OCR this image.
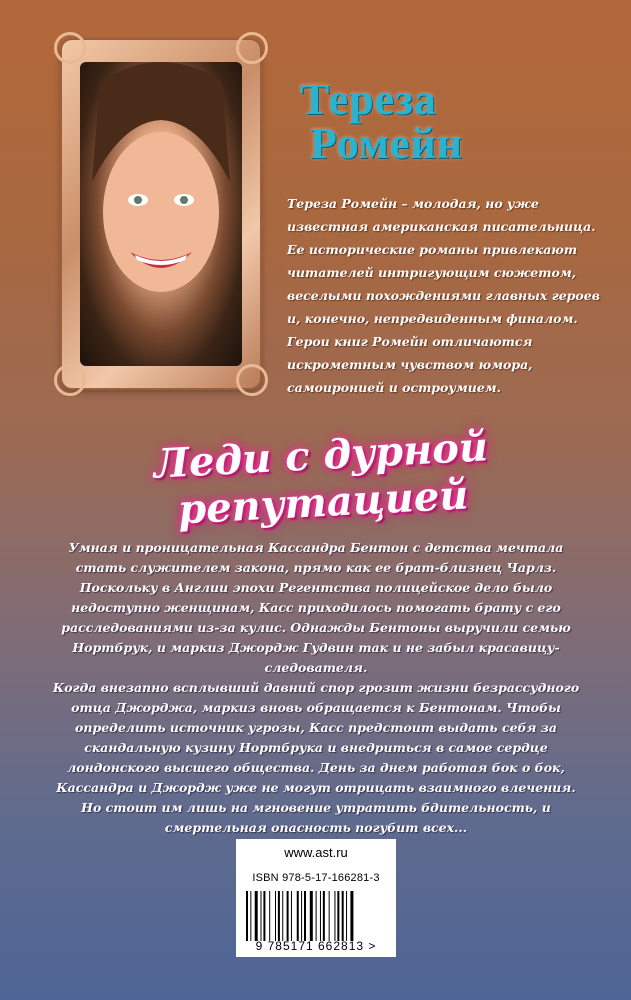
Тереза
Ромейн

Тереза Ромейн – молодая, но уже известная американская писательница. Ее исторические романы привлекают читателей интригующим сюжетом, веселыми похождениями главных героев и, конечно, непредвиденным финалом. Герои книг Ромейн отличаются искрометным чувством юмора, самоиронией и остроумием.

Леди с дурной репутацией

Умная и проницательная Кассандра Бентон с детства мечтала стать служителем закона, прямо как ее брат-близнец Чарлз. Поскольку в Англии эпохи Регентства полицейское дело было недоступно женщинам, Касс приходилось помогать брату с его расследованиями из-за кулис. Однажды Бентоны выручили семью Нортбрук, и маркиз Джордж Гудвин так и не забыл красавицу-следователя.

Когда внезапно всплывший давний спор грозит жизни безрассудного отца Джорджа, маркиз вновь обращается к Бентонам. Чтобы определить источник угрозы, Касс предстоит выдать себя за скандальную кузину Нортбрука и внедриться в самое сердце лондонского высшего общества. День за днем работая бок о бок, Кассандра и Джордж уже не могут отрицать взаимного влечения. Но стоит им лишь на мгновение утратить бдительность, и смертельная опасность погубит всех...

www.ast.ru
ISBN 978-5-17-166281-3
9 785171 662813 >
